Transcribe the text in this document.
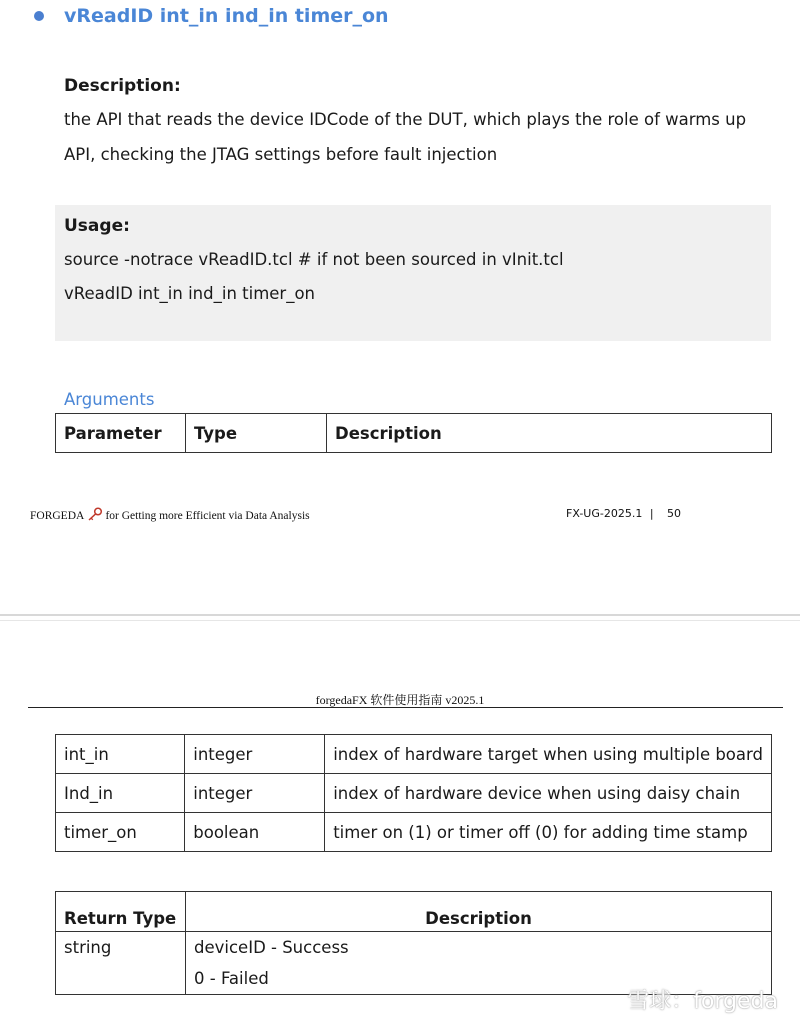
vReadID int_in ind_in timer_on
Description:
the API that reads the device IDCode of the DUT, which plays the role of warms up
API, checking the JTAG settings before fault injection
Usage:
source -notrace vReadID.tcl # if not been sourced in vInit.tcl
vReadID int_in ind_in timer_on
Arguments
Parameter	Type	Description
FORGEDA for Getting more Efficient via Data Analysis	FX-UG-2025.1 | 50
forgedaFX 软件使用指南 v2025.1
int_in	integer	index of hardware target when using multiple board
Ind_in	integer	index of hardware device when using daisy chain
timer_on	boolean	timer on (1) or timer off (0) for adding time stamp
Return Type	Description
string	deviceID - Success
0 - Failed
雪球：forgeda
